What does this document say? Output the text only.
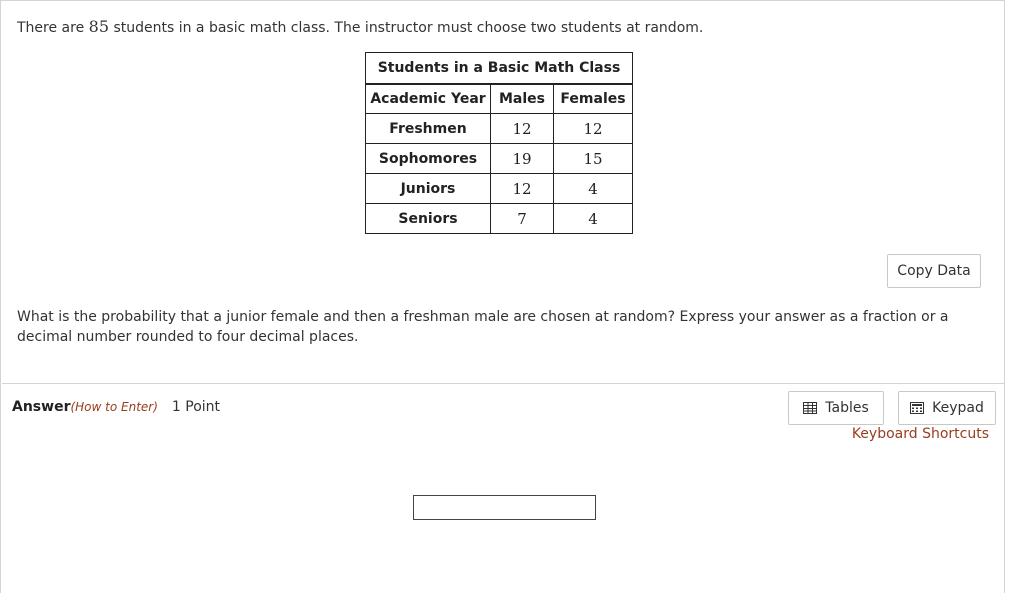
There are 85 students in a basic math class. The instructor must choose two students at random.
Students in a Basic Math Class		
Academic Year	Males	Females
Freshmen	12	12
Sophomores	19	15
Juniors	12	4
Seniors	7	4
Copy Data
What is the probability that a junior female and then a freshman male are chosen at random? Express your answer as a fraction or a decimal number rounded to four decimal places.
Answer(How to Enter) 1 Point	Tables	Keypad
Keyboard Shortcuts
